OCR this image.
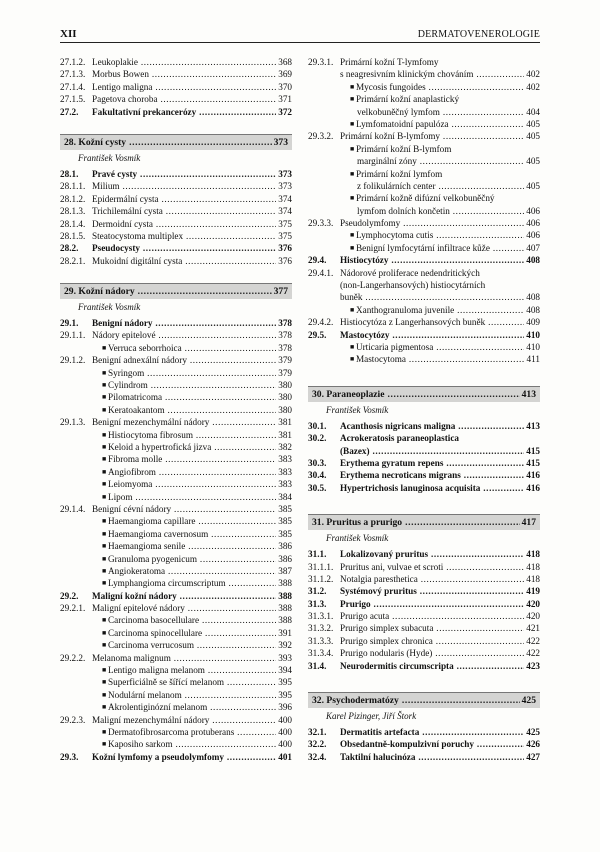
XII	DERMATOVENEROLOGIE
27.1.2. Leukoplakie .....	368
27.1.3. Morbus Bowen .....	369
27.1.4. Lentigo maligna .....	370
27.1.5. Pagetova choroba .....	371
27.2.	Fakultativní prekancerózy .....	372
28. Kožní cysty .....	373
František Vosmík
28.1.	Pravé cysty .....	373
28.1.1. Milium .....	373
28.1.2. Epidermální cysta .....	374
28.1.3. Trichilemální cysta .....	374
28.1.4. Dermoidní cysta .....	375
28.1.5. Steatocystoma multiplex .....	375
28.2.	Pseudocysty .....	376
28.2.1. Mukoidní digitální cysta .....	376
29. Kožní nádory .....	377
František Vosmík
29.1.	Benigní nádory .....	378
29.1.1. Nádory epitelové .....	378
■ Verruca seborrhoica .....	378
29.1.2. Benigní adnexální nádory .....	379
■ Syringom .....	379
■ Cylindrom .....	380
■ Pilomatricoma .....	380
■ Keratoakantom .....	380
29.1.3. Benigní mezenchymální nádory .....	381
■ Histiocytoma fibrosum .....	381
■ Keloid a hypertrofická jizva .....	382
■ Fibroma molle .....	383
■ Angiofibrom .....	383
■ Leiomyoma .....	383
■ Lipom .....	384
29.1.4. Benigní cévní nádory .....	385
■ Haemangioma capillare .....	385
■ Haemangioma cavernosum .....	385
■ Haemangioma senile .....	386
■ Granuloma pyogenicum .....	386
■ Angiokeratoma .....	387
■ Lymphangioma circumscriptum .....	388
29.2.	Maligní kožní nádory .....	388
29.2.1. Maligní epitelové nádory .....	388
■ Carcinoma basocellulare .....	388
■ Carcinoma spinocellulare .....	391
■ Carcinoma verrucosum .....	392
29.2.2. Melanoma malignum .....	393
■ Lentigo maligna melanom .....	394
■ Superficiálně se šířící melanom .....	395
■ Nodulární melanom .....	395
■ Akrolentiginózní melanom .....	396
29.2.3. Maligní mezenchymální nádory .....	400
■ Dermatofibrosarcoma protuberans .....	400
■ Kaposiho sarkom .....	400
29.3.	Kožní lymfomy a pseudolymfomy .....	401
29.3.1. Primární kožní T-lymfomy
s neagresivním klinickým chováním .....	402
■ Mycosis fungoides .....	402
■ Primární kožní anaplastický
velkobuněčný lymfom .....	404
■ Lymfomatoidní papulóza .....	405
29.3.2. Primární kožní B-lymfomy .....	405
■ Primární kožní B-lymfom
marginální zóny .....	405
■ Primární kožní lymfom
z folikulárních center .....	405
■ Primární kožně difúzní velkobuněčný
lymfom dolních končetin .....	406
29.3.3. Pseudolymfomy .....	406
■ Lymphocytoma cutis .....	406
■ Benigní lymfocytární infiltrace kůže .....	407
29.4.	Histiocytózy .....	408
29.4.1. Nádorové proliferace nedendritických
(non-Langerhansových) histiocytárních
buněk .....	408
■ Xanthogranuloma juvenile .....	408
29.4.2. Histiocytóza z Langerhansových buněk .....	409
29.5.	Mastocytózy .....	410
■ Urticaria pigmentosa .....	410
■ Mastocytoma .....	411
30. Paraneoplazie .....	413
František Vosmík
30.1.	Acanthosis nigricans maligna .....	413
30.2.	Acrokeratosis paraneoplastica
(Bazex) .....	415
30.3.	Erythema gyratum repens .....	415
30.4.	Erythema necroticans migrans .....	416
30.5.	Hypertrichosis lanuginosa acquisita .....	416
31. Pruritus a prurigo .....	417
František Vosmík
31.1.	Lokalizovaný pruritus .....	418
31.1.1. Pruritus ani, vulvae et scroti .....	418
31.1.2. Notalgia paresthetica .....	418
31.2.	Systémový pruritus .....	419
31.3.	Prurigo .....	420
31.3.1. Prurigo acuta .....	420
31.3.2. Prurigo simplex subacuta .....	421
31.3.3. Prurigo simplex chronica .....	422
31.3.4. Prurigo nodularis (Hyde) .....	422
31.4.	Neurodermitis circumscripta .....	423
32. Psychodermatózy .....	425
Karel Pizinger, Jiří Štork
32.1.	Dermatitis artefacta .....	425
32.2.	Obsedantně-kompulzivní poruchy .....	426
32.4.	Taktilní halucinóza .....	427
